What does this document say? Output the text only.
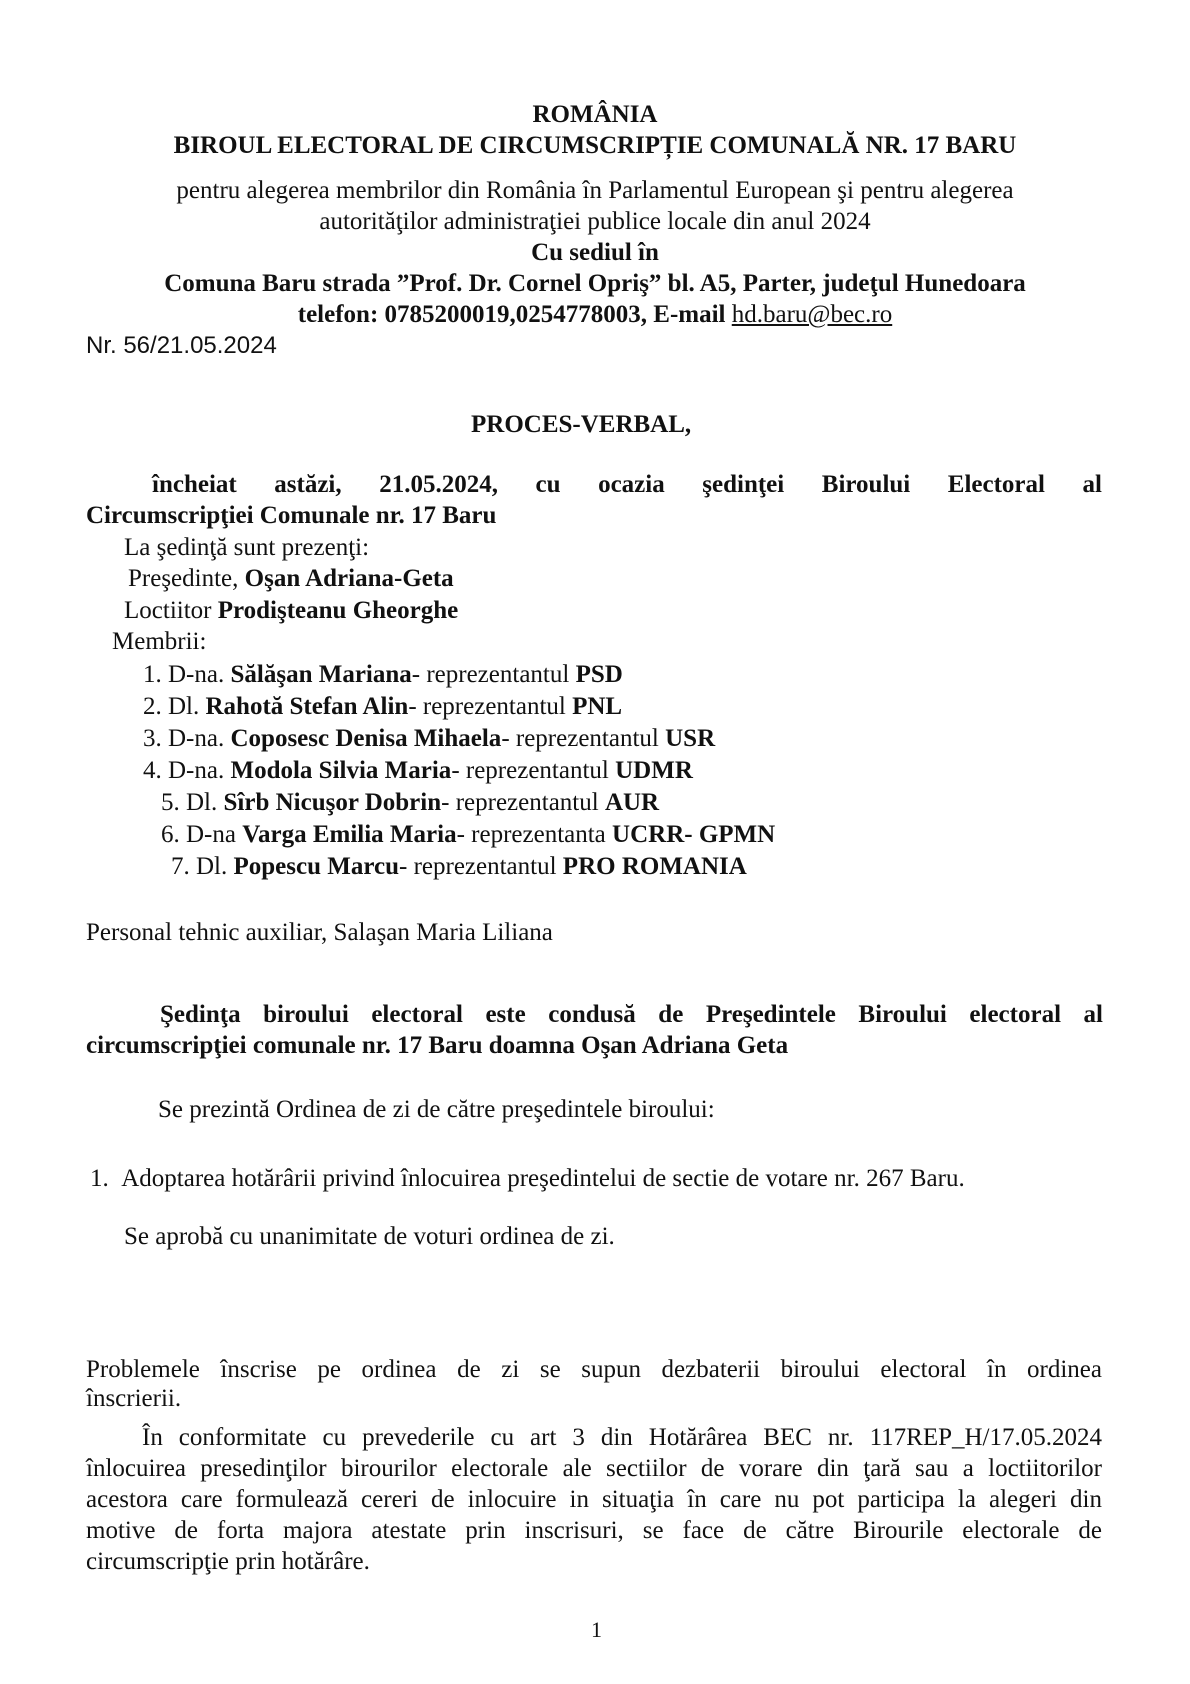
ROMÂNIA
BIROUL ELECTORAL DE CIRCUMSCRIPȚIE COMUNALĂ NR. 17 BARU
pentru alegerea membrilor din România în Parlamentul European şi pentru alegerea
autorităţilor administraţiei publice locale din anul 2024
Cu sediul în
Comuna Baru strada ”Prof. Dr. Cornel Opriş” bl. A5, Parter, judeţul Hunedoara
telefon: 0785200019,0254778003, E-mail hd.baru@bec.ro
Nr. 56/21.05.2024
PROCES-VERBAL,
încheiat astăzi, 21.05.2024, cu ocazia şedinţei Biroului Electoral al
Circumscripţiei Comunale nr. 17 Baru
La şedinţă sunt prezenţi:
Preşedinte, Oşan Adriana-Geta
Loctiitor Prodişteanu Gheorghe
Membrii:
1. D-na. Sălăşan Mariana- reprezentantul PSD
2. Dl. Rahotă Stefan Alin- reprezentantul PNL
3. D-na. Coposesc Denisa Mihaela- reprezentantul USR
4. D-na. Modola Silvia Maria- reprezentantul UDMR
5. Dl. Sîrb Nicuşor Dobrin- reprezentantul AUR
6. D-na Varga Emilia Maria- reprezentanta UCRR- GPMN
7. Dl. Popescu Marcu- reprezentantul PRO ROMANIA
Personal tehnic auxiliar, Salaşan Maria Liliana
Şedinţa biroului electoral este condusă de Preşedintele Biroului electoral al
circumscripţiei comunale nr. 17 Baru doamna Oşan Adriana Geta
Se prezintă Ordinea de zi de către preşedintele biroului:
1. Adoptarea hotărârii privind înlocuirea preşedintelui de sectie de votare nr. 267 Baru.
Se aprobă cu unanimitate de voturi ordinea de zi.
Problemele înscrise pe ordinea de zi se supun dezbaterii biroului electoral în ordinea
înscrierii.
În conformitate cu prevederile cu art 3 din Hotărârea BEC nr. 117REP_H/17.05.2024
înlocuirea presedinţilor birourilor electorale ale sectiilor de vorare din ţară sau a loctiitorilor
acestora care formulează cereri de inlocuire in situaţia în care nu pot participa la alegeri din
motive de forta majora atestate prin inscrisuri, se face de către Birourile electorale de
circumscripţie prin hotărâre.
1
